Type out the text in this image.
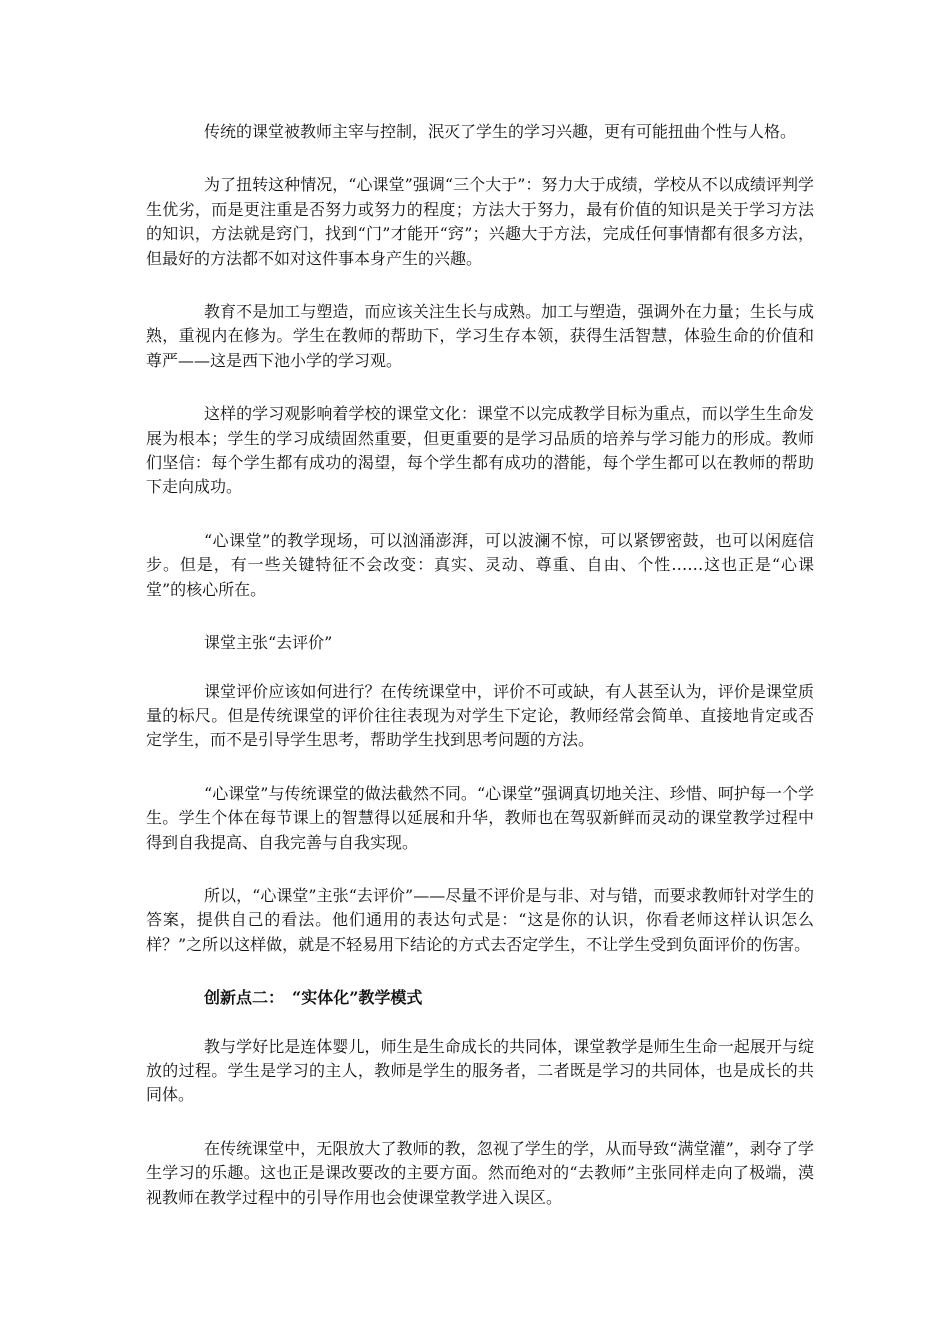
传统的课堂被教师主宰与控制，泯灭了学生的学习兴趣，更有可能扭曲个性与人格。

为了扭转这种情况，“心课堂”强调“三个大于”：努力大于成绩，学校从不以成绩评判学生优劣，而是更注重是否努力或努力的程度；方法大于努力，最有价值的知识是关于学习方法的知识，方法就是窍门，找到“门”才能开“窍”；兴趣大于方法，完成任何事情都有很多方法，但最好的方法都不如对这件事本身产生的兴趣。

教育不是加工与塑造，而应该关注生长与成熟。加工与塑造，强调外在力量；生长与成熟，重视内在修为。学生在教师的帮助下，学习生存本领，获得生活智慧，体验生命的价值和尊严——这是西下池小学的学习观。

这样的学习观影响着学校的课堂文化：课堂不以完成教学目标为重点，而以学生生命发展为根本；学生的学习成绩固然重要，但更重要的是学习品质的培养与学习能力的形成。教师们坚信：每个学生都有成功的渴望，每个学生都有成功的潜能，每个学生都可以在教师的帮助下走向成功。

“心课堂”的教学现场，可以汹涌澎湃，可以波澜不惊，可以紧锣密鼓，也可以闲庭信步。但是，有一些关键特征不会改变：真实、灵动、尊重、自由、个性……这也正是“心课堂”的核心所在。

课堂主张“去评价”

课堂评价应该如何进行？在传统课堂中，评价不可或缺，有人甚至认为，评价是课堂质量的标尺。但是传统课堂的评价往往表现为对学生下定论，教师经常会简单、直接地肯定或否定学生，而不是引导学生思考，帮助学生找到思考问题的方法。

“心课堂”与传统课堂的做法截然不同。“心课堂”强调真切地关注、珍惜、呵护每一个学生。学生个体在每节课上的智慧得以延展和升华，教师也在驾驭新鲜而灵动的课堂教学过程中得到自我提高、自我完善与自我实现。

所以，“心课堂”主张“去评价”——尽量不评价是与非、对与错，而要求教师针对学生的答案，提供自己的看法。他们通用的表达句式是：“这是你的认识，你看老师这样认识怎么样？”之所以这样做，就是不轻易用下结论的方式去否定学生，不让学生受到负面评价的伤害。

创新点二：　“实体化”教学模式

教与学好比是连体婴儿，师生是生命成长的共同体，课堂教学是师生生命一起展开与绽放的过程。学生是学习的主人，教师是学生的服务者，二者既是学习的共同体，也是成长的共同体。

在传统课堂中，无限放大了教师的教，忽视了学生的学，从而导致“满堂灌”，剥夺了学生学习的乐趣。这也正是课改要改的主要方面。然而绝对的“去教师”主张同样走向了极端，漠视教师在教学过程中的引导作用也会使课堂教学进入误区。
